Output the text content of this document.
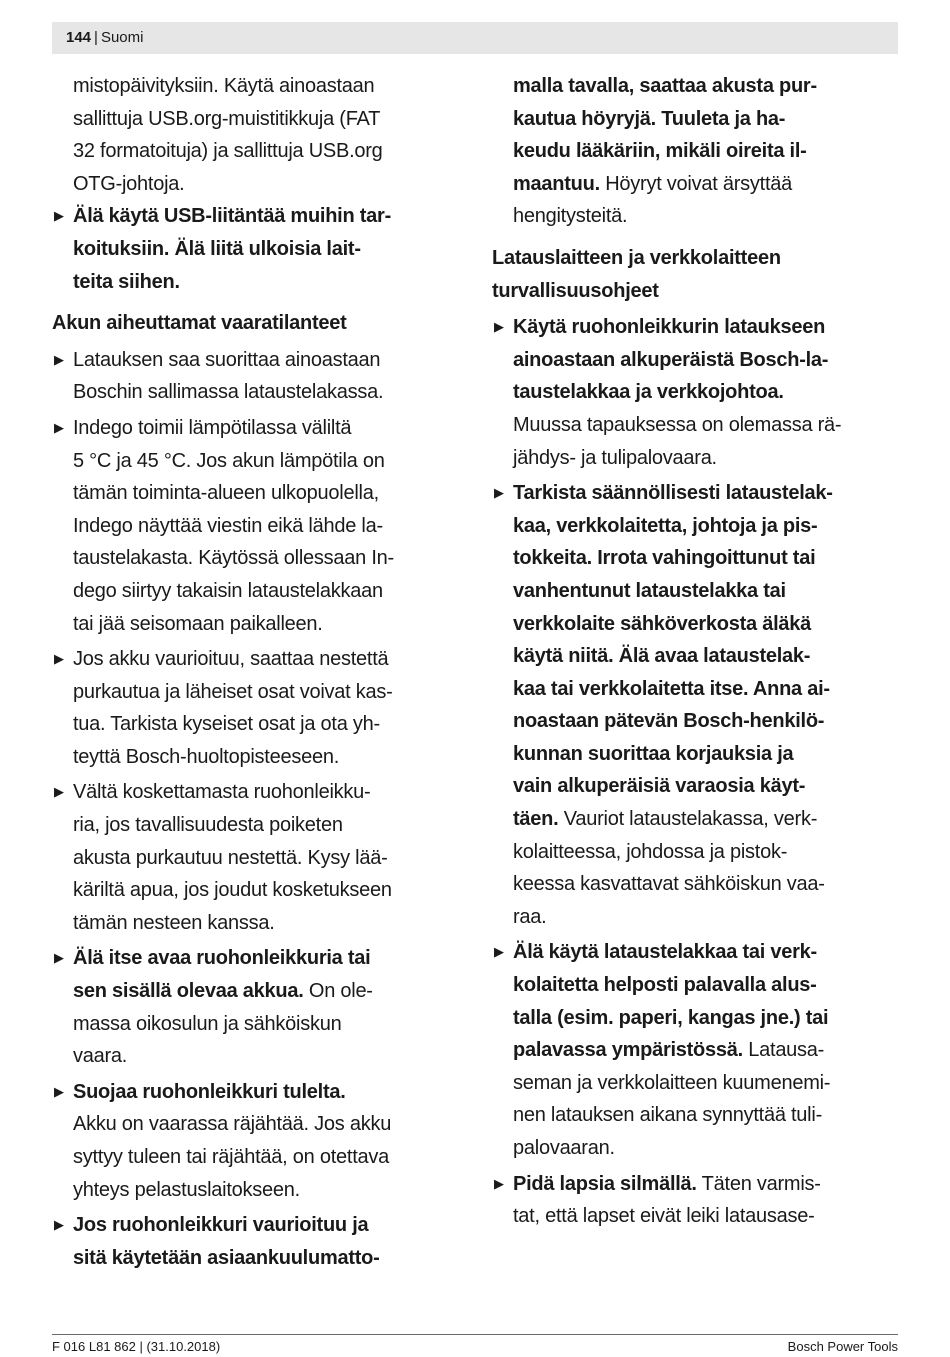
144 | Suomi
mistopäivityksiin. Käytä ainoastaan
sallittuja USB.org-muistitikkuja (FAT
32 formatoituja) ja sallittuja USB.org
OTG-johtoja.
▶ Älä käytä USB-liitäntää muihin tar-
koituksiin. Älä liitä ulkoisia lait-
teita siihen.
Akun aiheuttamat vaaratilanteet
▶ Latauksen saa suorittaa ainoastaan
Boschin sallimassa lataustelakassa.
▶ Indego toimii lämpötilassa väliltä
5 °C ja 45 °C. Jos akun lämpötila on
tämän toiminta-alueen ulkopuolella,
Indego näyttää viestin eikä lähde la-
taustelakasta. Käytössä ollessaan In-
dego siirtyy takaisin lataustelakkaan
tai jää seisomaan paikalleen.
▶ Jos akku vaurioituu, saattaa nestettä
purkautua ja läheiset osat voivat kas-
tua. Tarkista kyseiset osat ja ota yh-
teyttä Bosch-huoltopisteeseen.
▶ Vältä koskettamasta ruohonleikku-
ria, jos tavallisuudesta poiketen
akusta purkautuu nestettä. Kysy lää-
käriltä apua, jos joudut kosketukseen
tämän nesteen kanssa.
▶ Älä itse avaa ruohonleikkuria tai
sen sisällä olevaa akkua. On ole-
massa oikosulun ja sähköiskun
vaara.
▶ Suojaa ruohonleikkuri tulelta.
Akku on vaarassa räjähtää. Jos akku
syttyy tuleen tai räjähtää, on otettava
yhteys pelastuslaitokseen.
▶ Jos ruohonleikkuri vaurioituu ja
sitä käytetään asiaankuulumatto-
malla tavalla, saattaa akusta pur-
kautua höyryjä. Tuuleta ja ha-
keudu lääkäriin, mikäli oireita il-
maantuu. Höyryt voivat ärsyttää
hengitysteitä.
Latauslaitteen ja verkkolaitteen
turvallisuusohjeet
▶ Käytä ruohonleikkurin lataukseen
ainoastaan alkuperäistä Bosch-la-
taustelakkaa ja verkkojohtoa.
Muussa tapauksessa on olemassa rä-
jähdys- ja tulipalovaara.
▶ Tarkista säännöllisesti lataustelak-
kaa, verkkolaitetta, johtoja ja pis-
tokkeita. Irrota vahingoittunut tai
vanhentunut lataustelakka tai
verkkolaite sähköverkosta äläkä
käytä niitä. Älä avaa lataustelak-
kaa tai verkkolaitetta itse. Anna ai-
noastaan pätevän Bosch-henkilö-
kunnan suorittaa korjauksia ja
vain alkuperäisiä varaosia käyt-
täen. Vauriot lataustelakassa, verk-
kolaitteessa, johdossa ja pistok-
keessa kasvattavat sähköiskun vaa-
raa.
▶ Älä käytä lataustelakkaa tai verk-
kolaitetta helposti palavalla alus-
talla (esim. paperi, kangas jne.) tai
palavassa ympäristössä. Latausa-
seman ja verkkolaitteen kuumenemi-
nen latauksen aikana synnyttää tuli-
palovaaran.
▶ Pidä lapsia silmällä. Täten varmis-
tat, että lapset eivät leiki latausase-
F 016 L81 862 | (31.10.2018)	Bosch Power Tools
